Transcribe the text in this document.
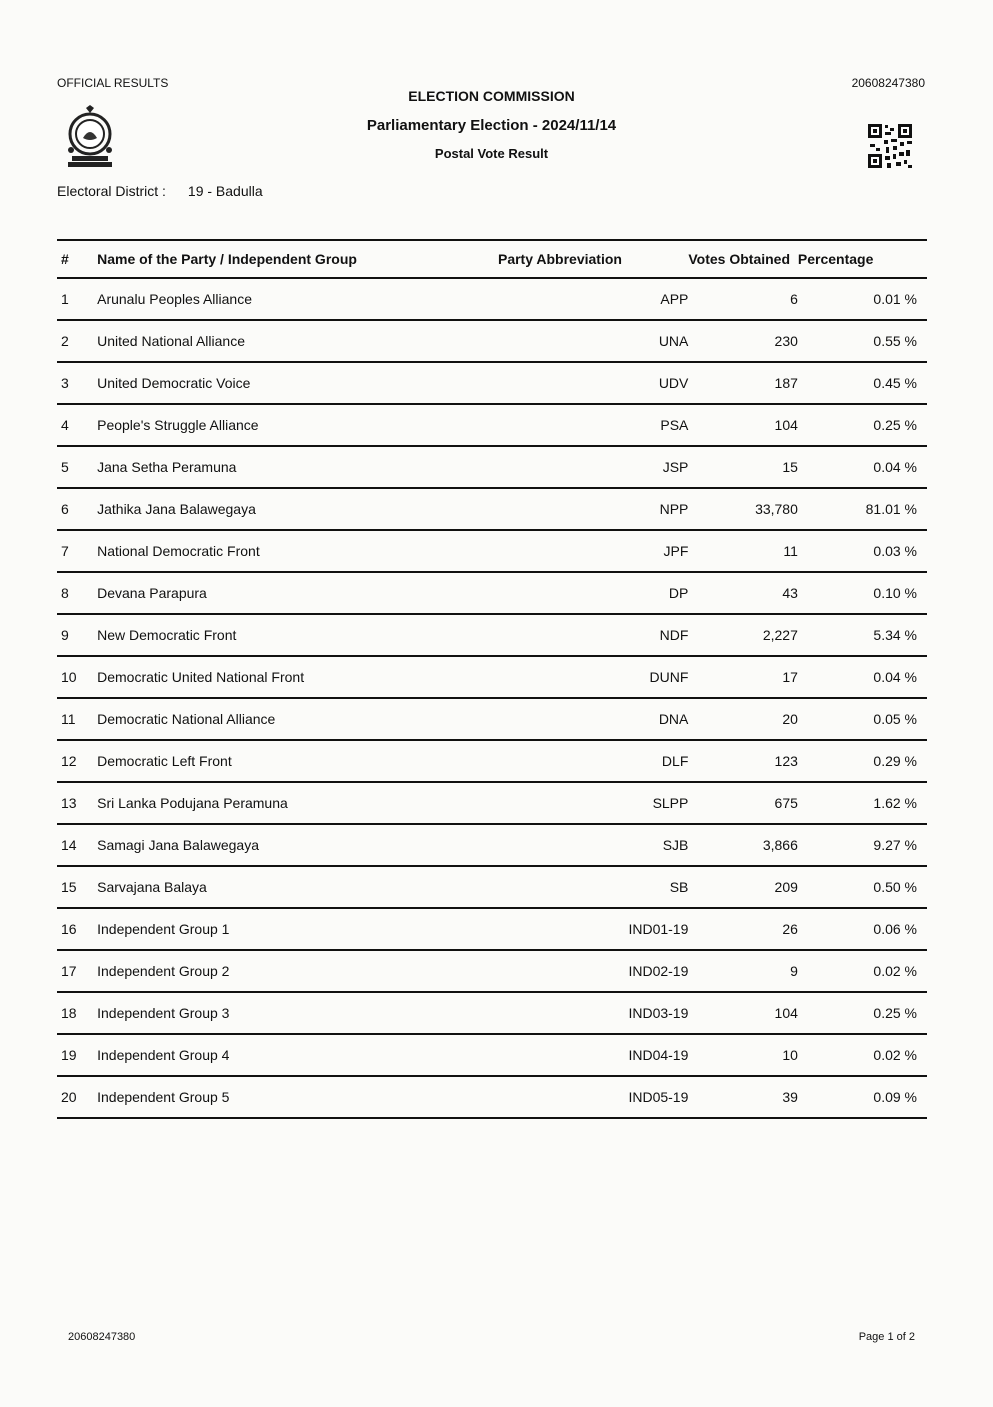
OFFICIAL RESULTS	20608247380
ELECTION COMMISSION
Parliamentary Election - 2024/11/14
Postal Vote Result
Electoral District : 19 - Badulla
#	Name of the Party / Independent Group	Party Abbreviation	Votes Obtained	Percentage
1	Arunalu Peoples Alliance	APP	6	0.01 %
2	United National Alliance	UNA	230	0.55 %
3	United Democratic Voice	UDV	187	0.45 %
4	People's Struggle Alliance	PSA	104	0.25 %
5	Jana Setha Peramuna	JSP	15	0.04 %
6	Jathika Jana Balawegaya	NPP	33,780	81.01 %
7	National Democratic Front	JPF	11	0.03 %
8	Devana Parapura	DP	43	0.10 %
9	New Democratic Front	NDF	2,227	5.34 %
10	Democratic United National Front	DUNF	17	0.04 %
11	Democratic National Alliance	DNA	20	0.05 %
12	Democratic Left Front	DLF	123	0.29 %
13	Sri Lanka Podujana Peramuna	SLPP	675	1.62 %
14	Samagi Jana Balawegaya	SJB	3,866	9.27 %
15	Sarvajana Balaya	SB	209	0.50 %
16	Independent Group 1	IND01-19	26	0.06 %
17	Independent Group 2	IND02-19	9	0.02 %
18	Independent Group 3	IND03-19	104	0.25 %
19	Independent Group 4	IND04-19	10	0.02 %
20	Independent Group 5	IND05-19	39	0.09 %
20608247380	Page 1 of 2
